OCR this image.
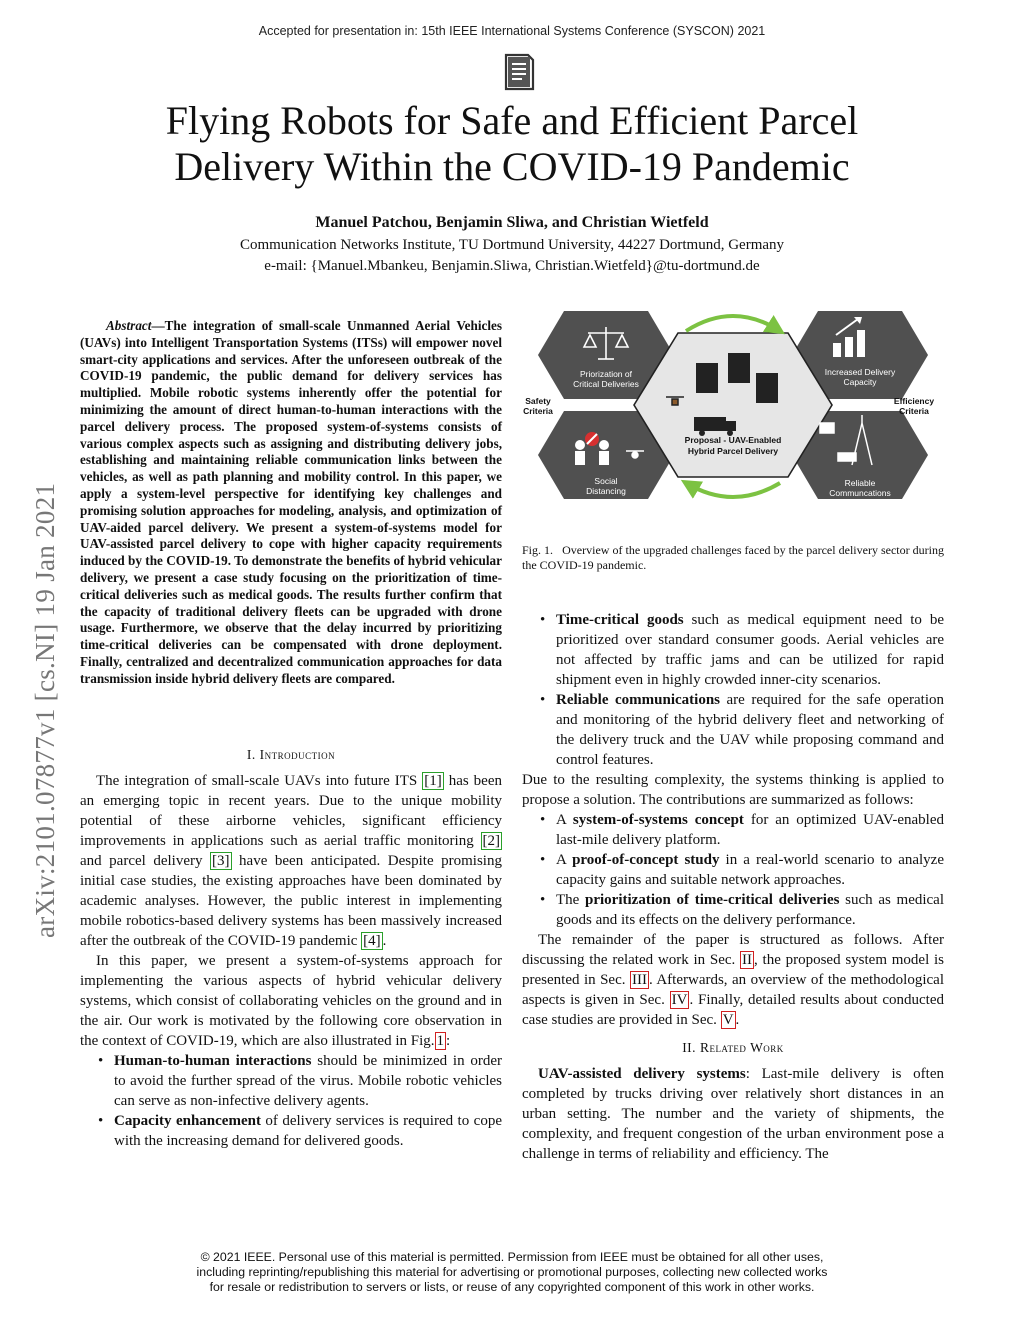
Accepted for presentation in: 15th IEEE International Systems Conference (SYSCON) 2021
Flying Robots for Safe and Efficient Parcel
Delivery Within the COVID-19 Pandemic
Manuel Patchou, Benjamin Sliwa, and Christian Wietfeld
Communication Networks Institute, TU Dortmund University, 44227 Dortmund, Germany
e-mail: {Manuel.Mbankeu, Benjamin.Sliwa, Christian.Wietfeld}@tu-dortmund.de
arXiv:2101.07877v1 [cs.NI] 19 Jan 2021
Abstract—The integration of small-scale Unmanned Aerial Vehicles (UAVs) into Intelligent Transportation Systems (ITSs) will empower novel smart-city applications and services. After the unforeseen outbreak of the COVID-19 pandemic, the public demand for delivery services has multiplied. Mobile robotic systems inherently offer the potential for minimizing the amount of direct human-to-human interactions with the parcel delivery process. The proposed system-of-systems consists of various complex aspects such as assigning and distributing delivery jobs, establishing and maintaining reliable communication links between the vehicles, as well as path planning and mobility control. In this paper, we apply a system-level perspective for identifying key challenges and promising solution approaches for modeling, analysis, and optimization of UAV-aided parcel delivery. We present a system-of-systems model for UAV-assisted parcel delivery to cope with higher capacity requirements induced by the COVID-19. To demonstrate the benefits of hybrid vehicular delivery, we present a case study focusing on the prioritization of time-critical deliveries such as medical goods. The results further confirm that the capacity of traditional delivery fleets can be upgraded with drone usage. Furthermore, we observe that the delay incurred by prioritizing time-critical deliveries can be compensated with drone deployment. Finally, centralized and decentralized communication approaches for data transmission inside hybrid delivery fleets are compared.
I. Introduction

The integration of small-scale UAVs into future ITS [1] has been an emerging topic in recent years. Due to the unique mobility potential of these airborne vehicles, significant efficiency improvements in applications such as aerial traffic monitoring [2] and parcel delivery [3] have been anticipated. Despite promising initial case studies, the existing approaches have been dominated by academic analyses. However, the public interest in implementing mobile robotics-based delivery systems has been massively increased after the outbreak of the COVID-19 pandemic [4] .

In this paper, we present a system-of-systems approach for implementing the various aspects of hybrid vehicular delivery systems, which consist of collaborating vehicles on the ground and in the air. Our work is motivated by the following core observation in the context of COVID-19, which are also illustrated in Fig. 1 :

• Human-to-human interactions should be minimized in order to avoid the further spread of the virus. Mobile robotic vehicles can serve as non-infective delivery agents.
• Capacity enhancement of delivery services is required to cope with the increasing demand for delivered goods.
Priorization of
Critical Deliveries
Increased Delivery
Capacity
Social
Distancing
Reliable
Communcations
Safety
Criteria
Efficiency
Criteria
Proposal - UAV-Enabled
Hybrid Parcel Delivery
Fig. 1. Overview of the upgraded challenges faced by the parcel delivery sector during the COVID-19 pandemic.
• Time-critical goods such as medical equipment need to be prioritized over standard consumer goods. Aerial vehicles are not affected by traffic jams and can be utilized for rapid shipment even in highly crowded inner-city scenarios.
• Reliable communications are required for the safe operation and monitoring of the hybrid delivery fleet and networking of the delivery truck and the UAV while proposing command and control features.

Due to the resulting complexity, the systems thinking is applied to propose a solution. The contributions are summarized as follows:

• A system-of-systems concept for an optimized UAV-enabled last-mile delivery platform.
• A proof-of-concept study in a real-world scenario to analyze capacity gains and suitable network approaches.
• The prioritization of time-critical deliveries such as medical goods and its effects on the delivery performance.

The remainder of the paper is structured as follows. After discussing the related work in Sec. II , the proposed system model is presented in Sec. III . Afterwards, an overview of the methodological aspects is given in Sec. IV . Finally, detailed results about conducted case studies are provided in Sec. V .

II. Related Work

UAV-assisted delivery systems: Last-mile delivery is often completed by trucks driving over relatively short distances in an urban setting. The number and the variety of shipments, the complexity, and frequent congestion of the urban environment pose a challenge in terms of reliability and efficiency. The

© 2021 IEEE. Personal use of this material is permitted. Permission from IEEE must be obtained for all other uses,
including reprinting/republishing this material for advertising or promotional purposes, collecting new collected works
for resale or redistribution to servers or lists, or reuse of any copyrighted component of this work in other works.
